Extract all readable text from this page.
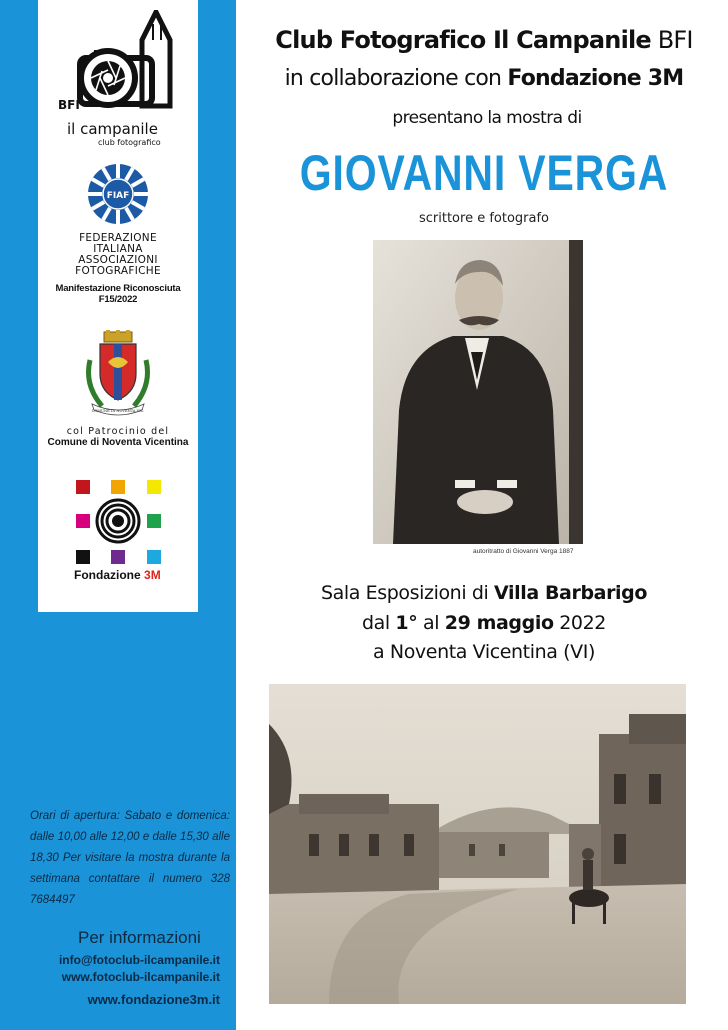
BFI
il campanile
club fotografico
FIAF
FEDERAZIONE
ITALIANA
ASSOCIAZIONI
FOTOGRAFICHE
Manifestazione Riconosciuta F15/2022
COMUNE DI NOVENTA VIC.
col Patrocinio del
Comune di Noventa Vicentina
Fondazione 3M
Orari di apertura: Sabato e domenica: dalle 10,00 alle 12,00 e dalle 15,30 alle 18,30 Per visitare la mostra durante la settimana contattare il numero 328 7684497
Per informazioni
info@fotoclub-ilcampanile.it
www.fotoclub-ilcampanile.it
www.fondazione3m.it
Club Fotografico Il Campanile BFI
in collaborazione con Fondazione 3M
presentano la mostra di
GIOVANNI VERGA
scrittore e fotografo
autoritratto di Giovanni Verga 1887
Sala Esposizioni di Villa Barbarigo
dal 1° al 29 maggio 2022
a Noventa Vicentina (VI)
